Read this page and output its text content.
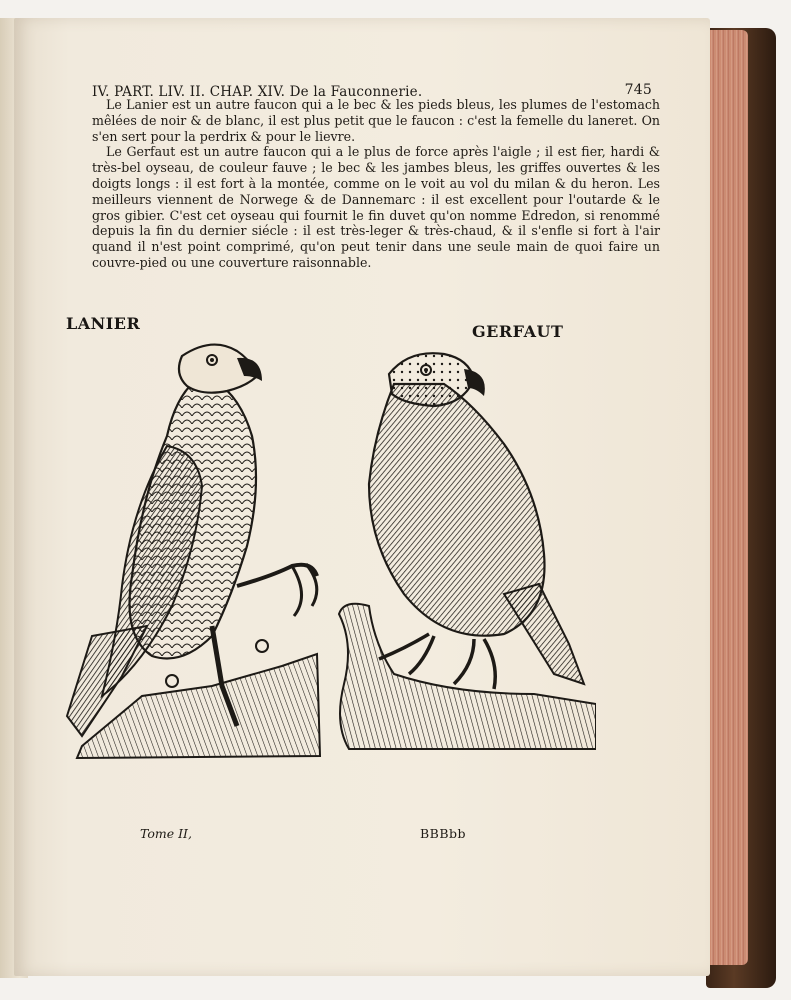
IV. PART. LIV. II. CHAP. XIV. De la Fauconnerie.	745

Le Lanier est un autre faucon qui a le bec & les pieds bleus, les plumes de l'estomach mêlées de noir & de blanc, il est plus petit que le faucon : c'est la femelle du laneret. On s'en sert pour la perdrix & pour le lievre.

Le Gerfaut est un autre faucon qui a le plus de force après l'aigle ; il est fier, hardi & très-bel oyseau, de couleur fauve ; le bec & les jambes bleus, les griffes ouvertes & les doigts longs : il est fort à la montée, comme on le voit au vol du milan & du heron. Les meilleurs viennent de Norwege & de Dannemarc : il est excellent pour l'outarde & le gros gibier. C'est cet oyseau qui fournit le fin duvet qu'on nomme Edredon, si renommé depuis la fin du dernier siécle : il est très-leger & très-chaud, & il s'enfle si fort à l'air quand il n'est point comprimé, qu'on peut tenir dans une seule main de quoi faire un couvre-pied ou une couverture raisonnable.

LANIER	GERFAUT
Tome II,	BBBbb
